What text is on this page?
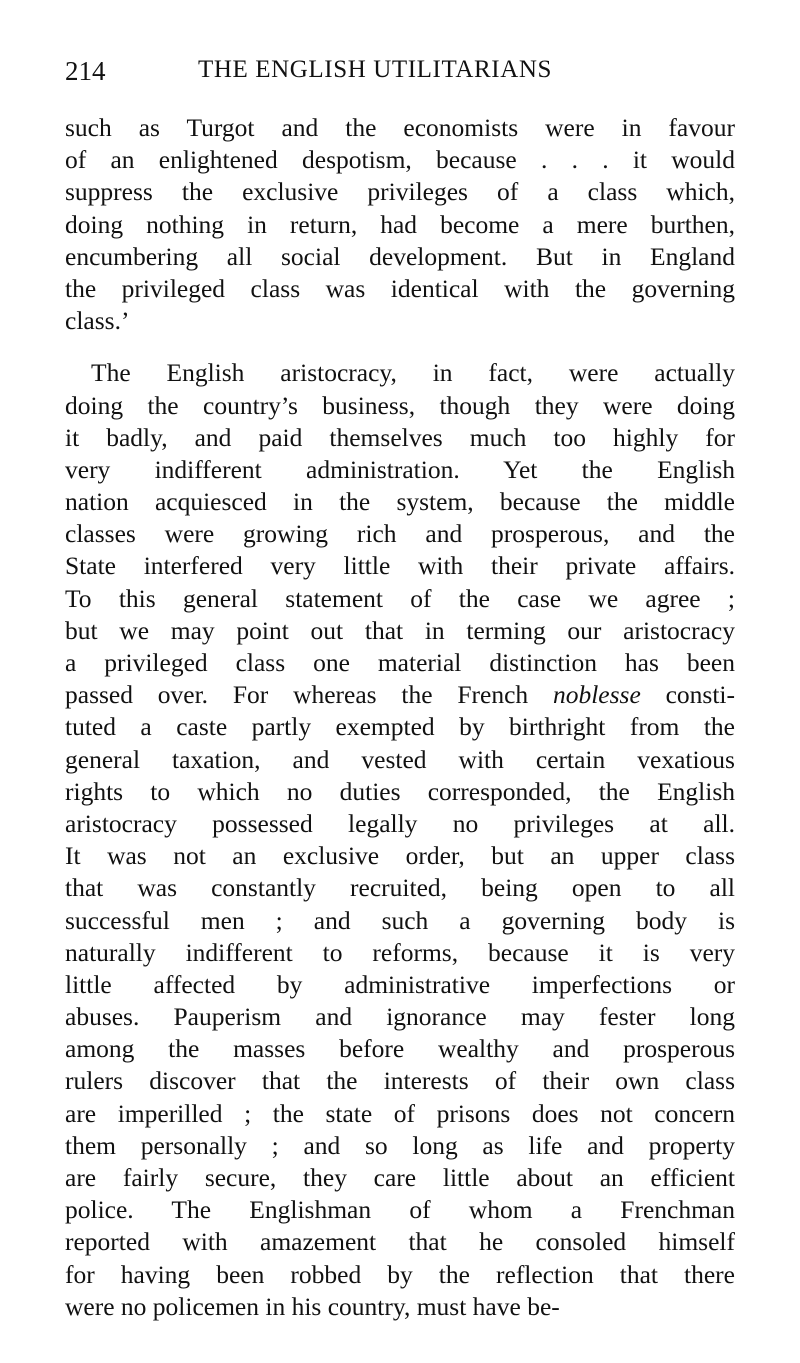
214	THE ENGLISH UTILITARIANS
such as Turgot and the economists were in favour
of an enlightened despotism, because . . . it would
suppress the exclusive privileges of a class which,
doing nothing in return, had become a mere burthen,
encumbering all social development. But in England
the privileged class was identical with the governing
class.’
The English aristocracy, in fact, were actually
doing the country’s business, though they were doing
it badly, and paid themselves much too highly for
very indifferent administration. Yet the English
nation acquiesced in the system, because the middle
classes were growing rich and prosperous, and the
State interfered very little with their private affairs.
To this general statement of the case we agree ;
but we may point out that in terming our aristocracy
a privileged class one material distinction has been
passed over. For whereas the French noblesse consti-
tuted a caste partly exempted by birthright from the
general taxation, and vested with certain vexatious
rights to which no duties corresponded, the English
aristocracy possessed legally no privileges at all.
It was not an exclusive order, but an upper class
that was constantly recruited, being open to all
successful men ; and such a governing body is
naturally indifferent to reforms, because it is very
little affected by administrative imperfections or
abuses. Pauperism and ignorance may fester long
among the masses before wealthy and prosperous
rulers discover that the interests of their own class
are imperilled ; the state of prisons does not concern
them personally ; and so long as life and property
are fairly secure, they care little about an efficient
police. The Englishman of whom a Frenchman
reported with amazement that he consoled himself
for having been robbed by the reflection that there
were no policemen in his country, must have be-
